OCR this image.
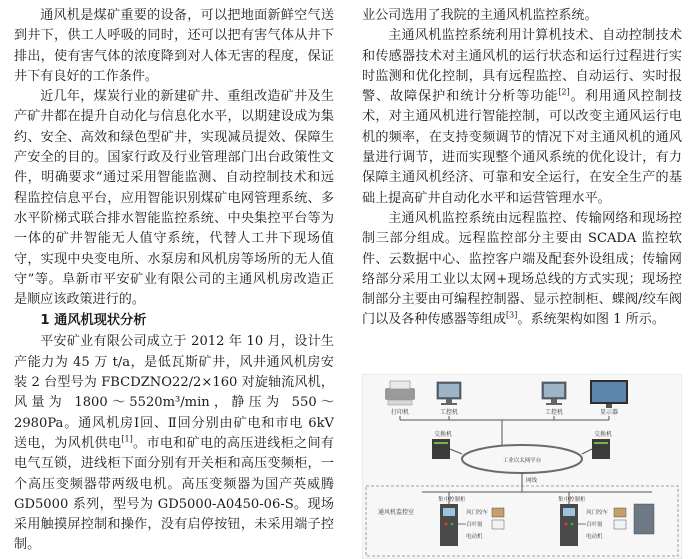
通风机是煤矿重要的设备，可以把地面新鲜空气送到井下，供工人呼吸的同时，还可以把有害气体从井下排出，使有害气体的浓度降到对人体无害的程度，保证井下有良好的工作条件。

近几年，煤炭行业的新建矿井、重组改造矿井及生产矿井都在提升自动化与信息化水平，以期建设成为集约、安全、高效和绿色型矿井，实现减员提效、保障生产安全的目的。国家行政及行业管理部门出台政策性文件，明确要求“通过采用智能监测、自动控制技术和远程监控信息平台，应用智能识别煤矿电网管理系统、多水平阶梯式联合排水智能监控系统、中央集控平台等为一体的矿井智能无人值守系统，代替人工井下现场值守，实现中央变电所、水泵房和风机房等场所的无人值守”等。阜新市平安矿业有限公司的主通风机房改造正是顺应该政策进行的。

1 通风机现状分析

平安矿业有限公司成立于 2012 年 10 月，设计生产能力为 45 万 t/a，是低瓦斯矿井，风井通风机房安装 2 台型号为 FBCDZNO22/2×160 对旋轴流风机，风量为 1800～5520m³/min，静压为 550～2980Pa。通风机房Ⅰ回、Ⅱ回分别由矿电和市电 6kV 送电，为风机供电[1]。市电和矿电的高压进线柜之间有电气互锁，进线柜下面分别有开关柜和高压变频柜，一个高压变频器带两级电机。高压变频器为国产英威腾 GD5000 系列，型号为 GD5000-A0450-06-S。现场采用触摸屏控制和操作，没有启停按钮，未采用端子控制。

业公司选用了我院的主通风机监控系统。

主通风机监控系统利用计算机技术、自动控制技术和传感器技术对主通风机的运行状态和运行过程进行实时监测和优化控制，具有远程监控、自动运行、实时报警、故障保护和统计分析等功能[2]。利用通风控制技术，对主通风机进行智能控制，可以改变主通风运行电机的频率，在支持变频调节的情况下对主通风机的通风量进行调节，进而实现整个通风系统的优化设计，有力保障主通风机经济、可靠和安全运行，在安全生产的基础上提高矿井自动化水平和运营管理水平。

主通风机监控系统由远程监控、传输网络和现场控制三部分组成。远程监控部分主要由 SCADA 监控软件、云数据中心、监控客户端及配套外设组成；传输网络部分采用工业以太网+现场总线的方式实现；现场控制部分主要由可编程控制器、显示控制柜、蝶阀/绞车阀门以及各种传感器等组成[3]。系统架构如图 1 所示。

打印机	工控机	工控机	显示器
交换机
工业以太网平台
交换机
网线
通风机监控室
集中控制柜
风门绞车
百叶窗
电动机
集中控制柜
风门绞车
百叶窗
电动机
